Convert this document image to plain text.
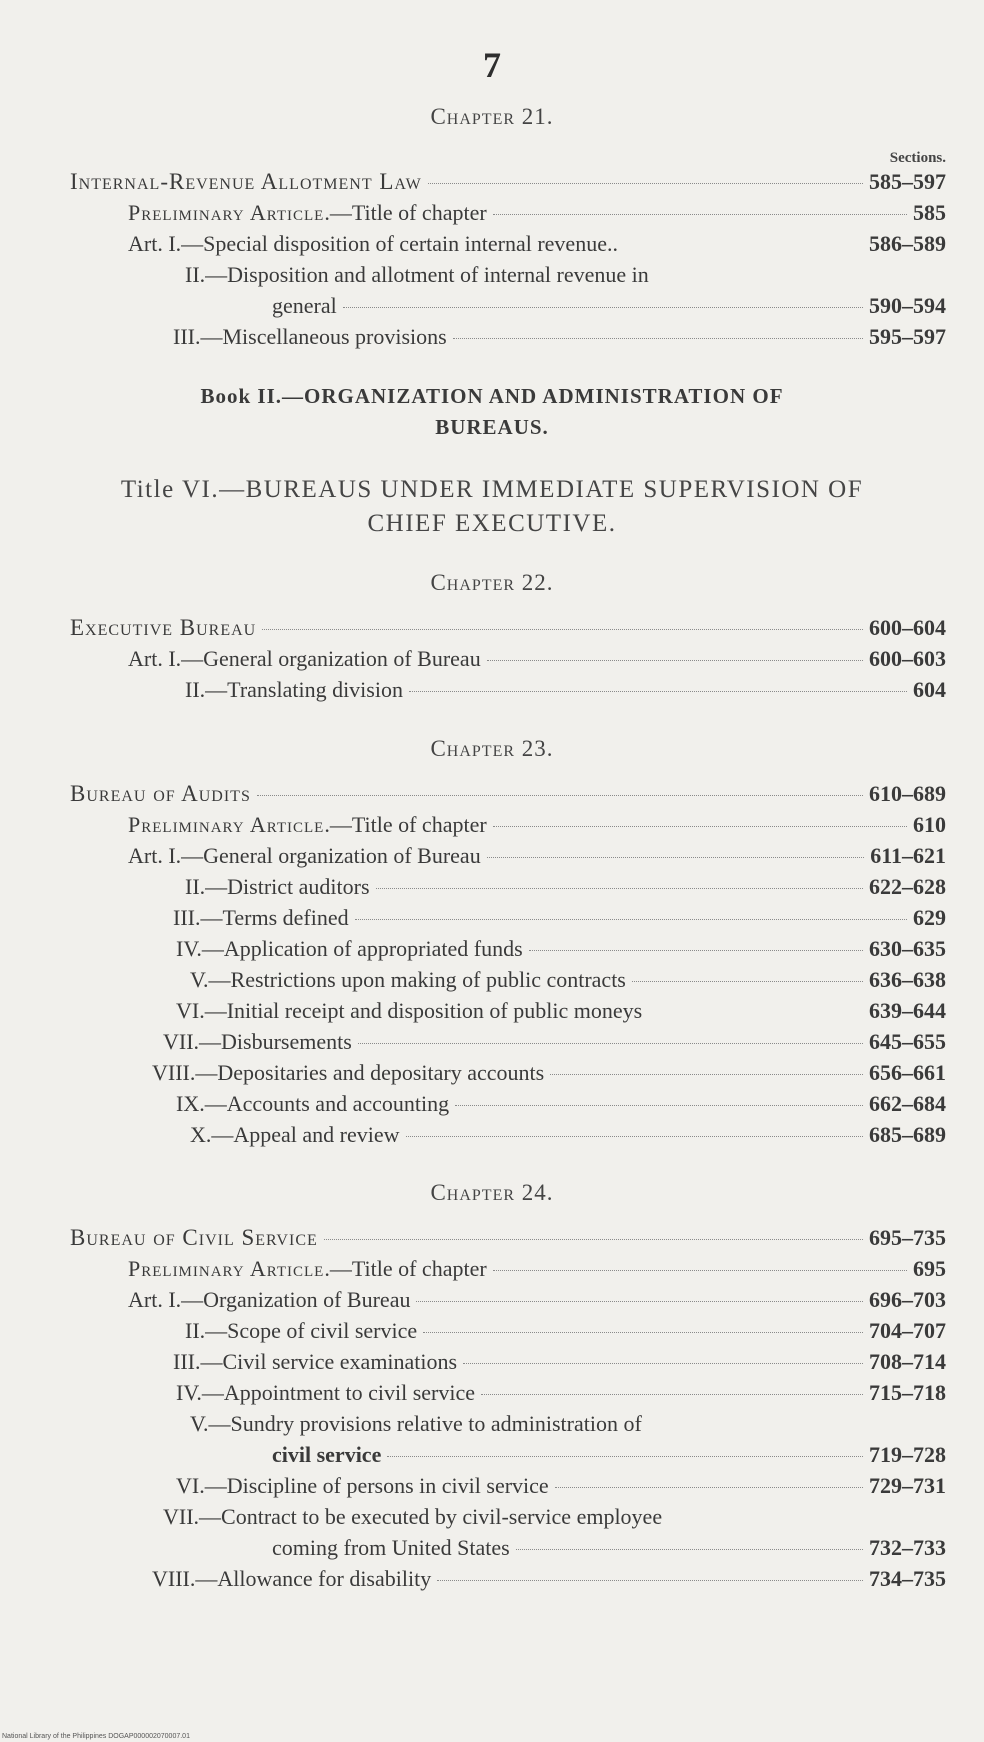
7
Chapter 21.
Sections.
Internal-Revenue Allotment Law	585–597
Preliminary Article.—Title of chapter	585
Art. I.—Special disposition of certain internal revenue..	586–589
II.—Disposition and allotment of internal revenue in
general	590–594
III.—Miscellaneous provisions	595–597
Book II.—ORGANIZATION AND ADMINISTRATION OF
BUREAUS.
Title VI.—BUREAUS UNDER IMMEDIATE SUPERVISION OF
CHIEF EXECUTIVE.
Chapter 22.
Executive Bureau	600–604
Art. I.—General organization of Bureau	600–603
II.—Translating division	604
Chapter 23.
Bureau of Audits	610–689
Preliminary Article.—Title of chapter	610
Art. I.—General organization of Bureau	611–621
II.—District auditors	622–628
III.—Terms defined	629
IV.—Application of appropriated funds	630–635
V.—Restrictions upon making of public contracts	636–638
VI.—Initial receipt and disposition of public moneys	639–644
VII.—Disbursements	645–655
VIII.—Depositaries and depositary accounts	656–661
IX.—Accounts and accounting	662–684
X.—Appeal and review	685–689
Chapter 24.
Bureau of Civil Service	695–735
Preliminary Article.—Title of chapter	695
Art. I.—Organization of Bureau	696–703
II.—Scope of civil service	704–707
III.—Civil service examinations	708–714
IV.—Appointment to civil service	715–718
V.—Sundry provisions relative to administration of
civil service	719–728
VI.—Discipline of persons in civil service	729–731
VII.—Contract to be executed by civil-service employee
coming from United States	732–733
VIII.—Allowance for disability	734–735
National Library of the Philippines DOGAP000002070007.01
